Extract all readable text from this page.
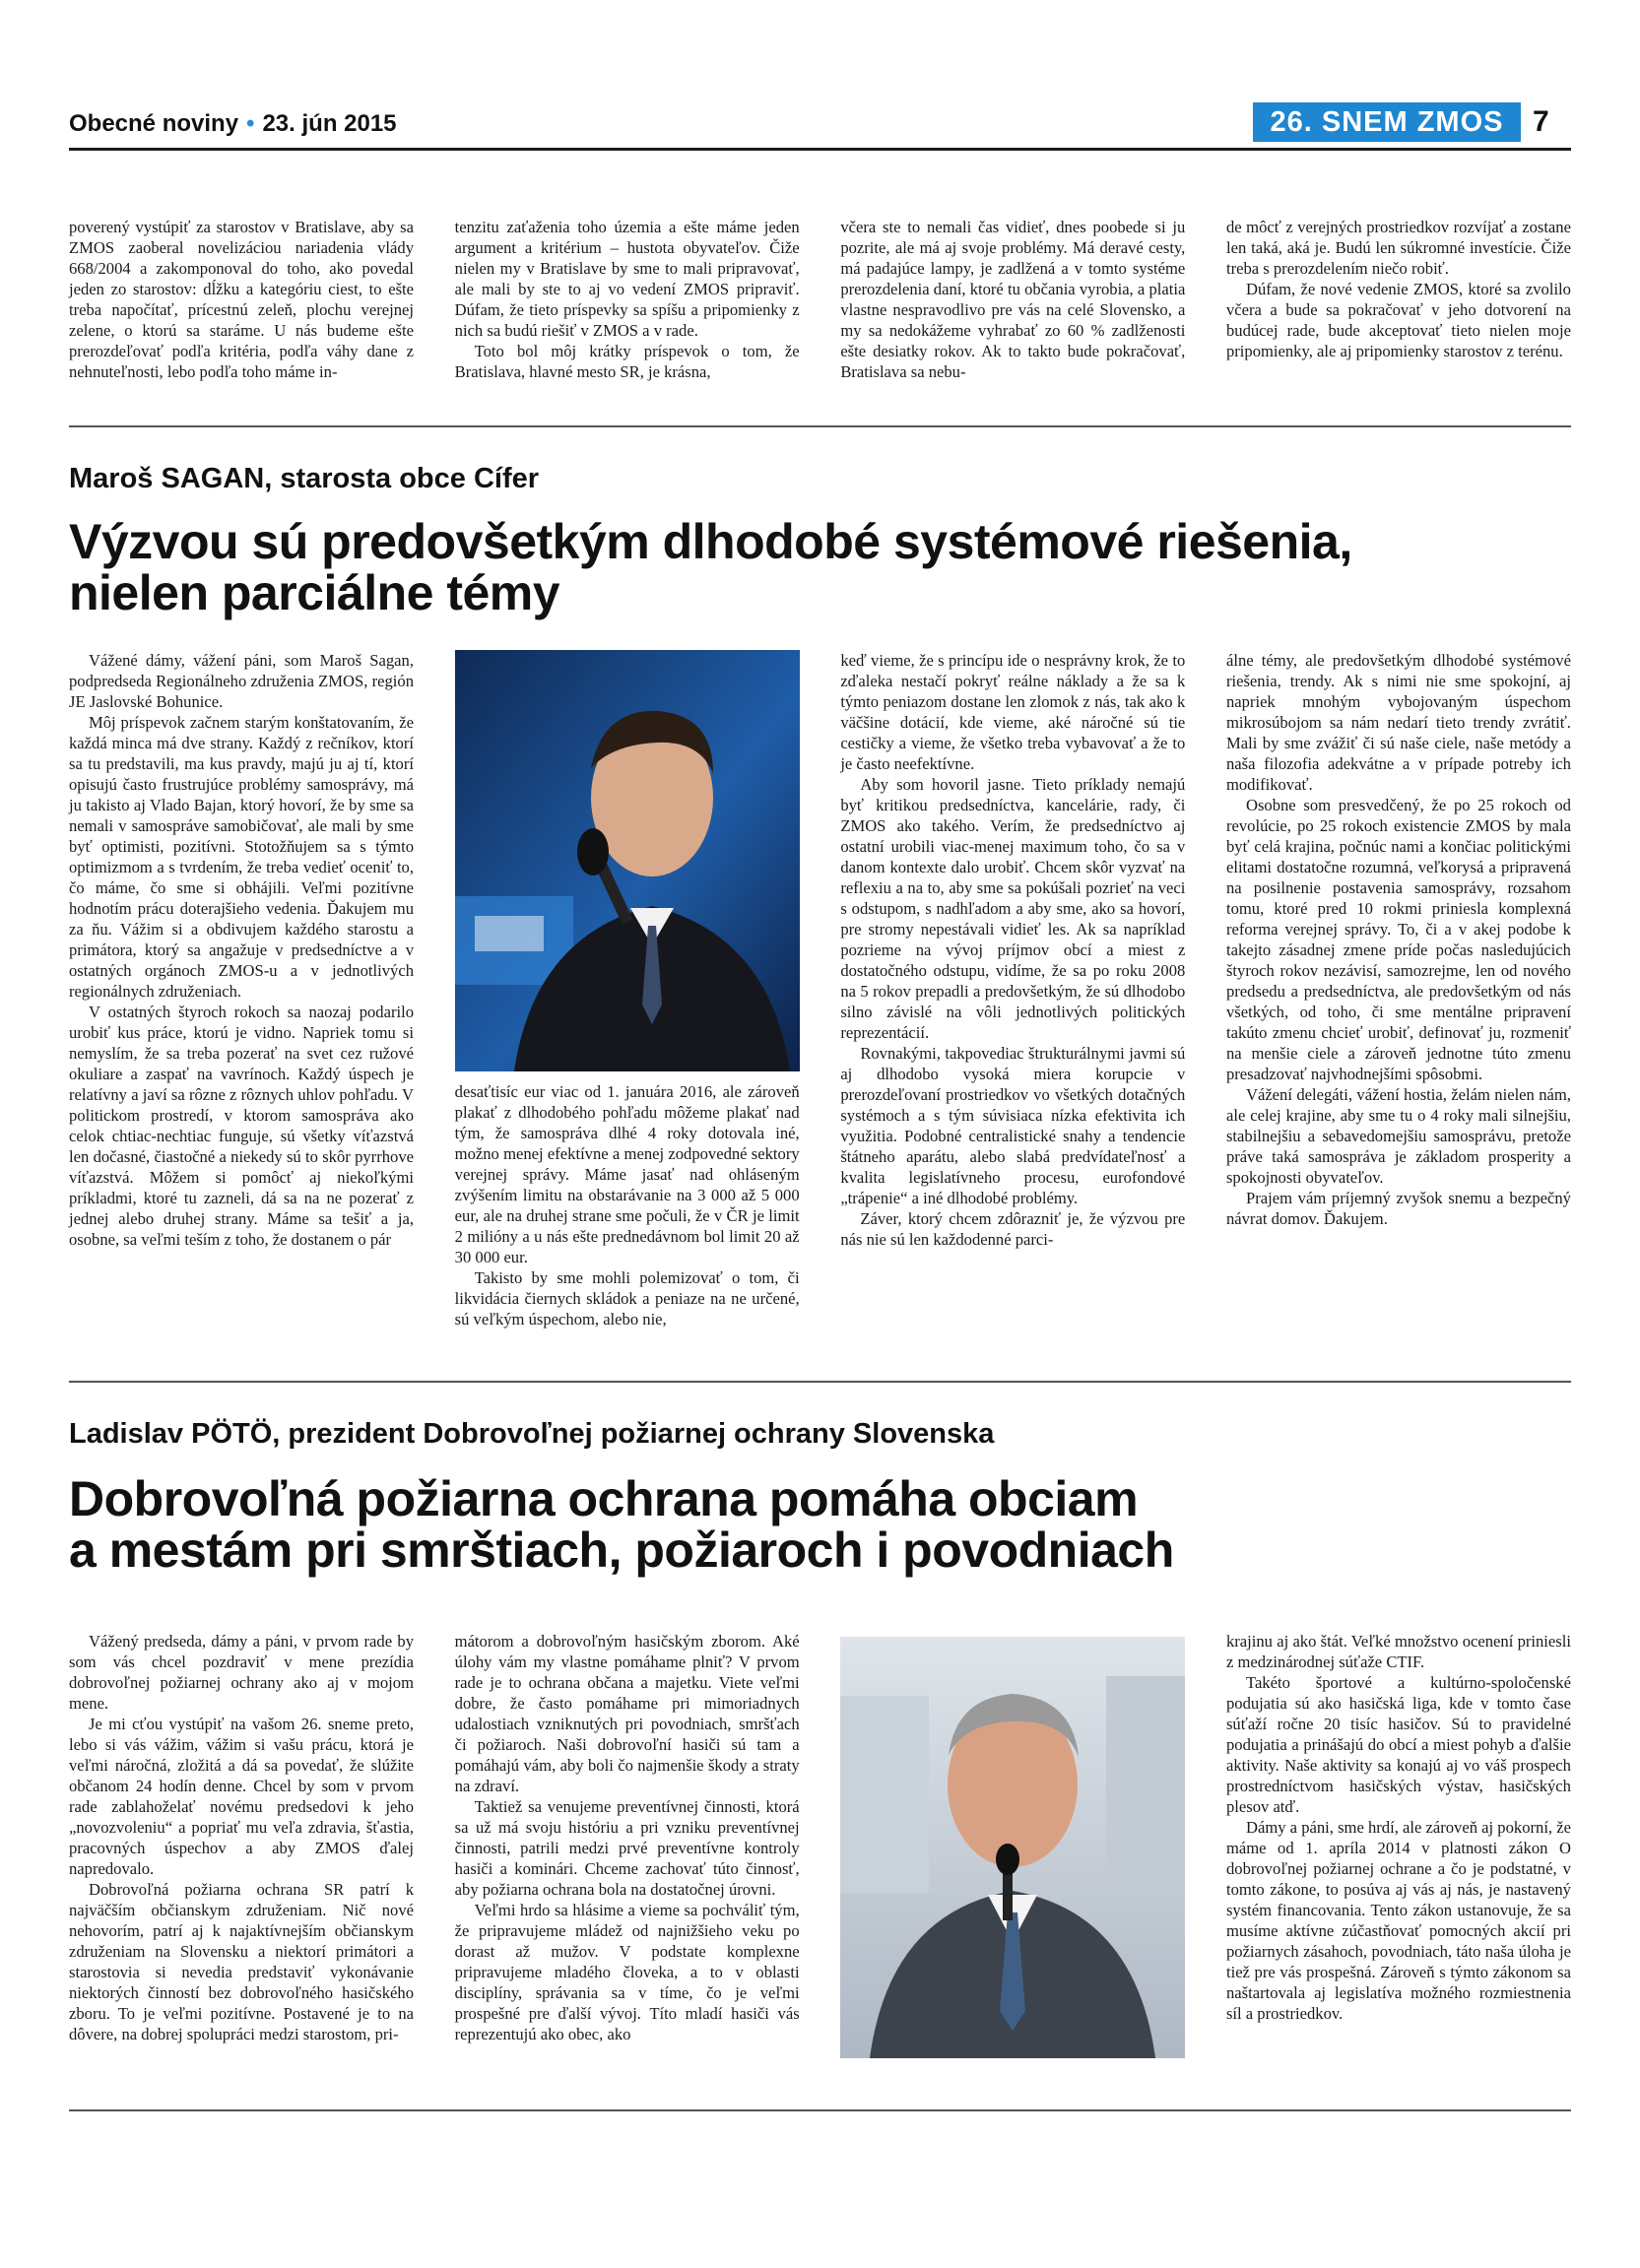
Obecné noviny • 23. jún 2015	26. SNEM ZMOS 7

poverený vystúpiť za starostov v Bratislave, aby sa ZMOS zaoberal novelizáciou nariadenia vlády 668/2004 a zakomponoval do toho, ako povedal jeden zo starostov: dĺžku a kategóriu ciest, to ešte treba napočítať, prícestnú zeleň, plochu verejnej zelene, o ktorú sa staráme. U nás budeme ešte prerozdeľovať podľa kritéria, podľa váhy dane z nehnuteľnosti, lebo podľa toho máme in-

tenzitu zaťaženia toho územia a ešte máme jeden argument a kritérium – hustota obyvateľov. Čiže nielen my v Bratislave by sme to mali pripravovať, ale mali by ste to aj vo vedení ZMOS pripraviť. Dúfam, že tieto príspevky sa spíšu a pripomienky z nich sa budú riešiť v ZMOS a v rade.

Toto bol môj krátky príspevok o tom, že Bratislava, hlavné mesto SR, je krásna,

včera ste to nemali čas vidieť, dnes poobede si ju pozrite, ale má aj svoje problémy. Má deravé cesty, má padajúce lampy, je zadlžená a v tomto systéme prerozdelenia daní, ktoré tu občania vyrobia, a platia vlastne nespravodlivo pre vás na celé Slovensko, a my sa nedokážeme vyhrabať zo 60 % zadlženosti ešte desiatky rokov. Ak to takto bude pokračovať, Bratislava sa nebu-

de môcť z verejných prostriedkov rozvíjať a zostane len taká, aká je. Budú len súkromné investície. Čiže treba s prerozdelením niečo robiť.

Dúfam, že nové vedenie ZMOS, ktoré sa zvolilo včera a bude sa pokračovať v jeho dotvorení na budúcej rade, bude akceptovať tieto nielen moje pripomienky, ale aj pripomienky starostov z terénu.

Maroš SAGAN, starosta obce Cífer
Výzvou sú predovšetkým dlhodobé systémové riešenia,
nielen parciálne témy

Vážené dámy, vážení páni, som Maroš Sagan, podpredseda Regionálneho združenia ZMOS, región JE Jaslovské Bohunice.

Môj príspevok začnem starým konštatovaním, že každá minca má dve strany. Každý z rečníkov, ktorí sa tu predstavili, ma kus pravdy, majú ju aj tí, ktorí opisujú často frustrujúce problémy samosprávy, má ju takisto aj Vlado Bajan, ktorý hovorí, že by sme sa nemali v samospráve samobičovať, ale mali by sme byť optimisti, pozitívni. Stotožňujem sa s týmto optimizmom a s tvrdením, že treba vedieť oceniť to, čo máme, čo sme si obhájili. Veľmi pozitívne hodnotím prácu doterajšieho vedenia. Ďakujem mu za ňu. Vážim si a obdivujem každého starostu a primátora, ktorý sa angažuje v predsedníctve a v ostatných orgánoch ZMOS-u a v jednotlivých regionálnych združeniach.

V ostatných štyroch rokoch sa naozaj podarilo urobiť kus práce, ktorú je vidno. Napriek tomu si nemyslím, že sa treba pozerať na svet cez ružové okuliare a zaspať na vavrínoch. Každý úspech je relatívny a javí sa rôzne z rôznych uhlov pohľadu. V politickom prostredí, v ktorom samospráva ako celok chtiac-nechtiac funguje, sú všetky víťazstvá len dočasné, čiastočné a niekedy sú to skôr pyrrhove víťazstvá. Môžem si pomôcť aj niekoľkými príkladmi, ktoré tu zazneli, dá sa na ne pozerať z jednej alebo druhej strany. Máme sa tešiť a ja, osobne, sa veľmi teším z toho, že dostanem o pár

desaťtisíc eur viac od 1. januára 2016, ale zároveň plakať z dlhodobého pohľadu môžeme plakať nad tým, že samospráva dlhé 4 roky dotovala iné, možno menej efektívne a menej zodpovedné sektory verejnej správy. Máme jasať nad ohláseným zvýšením limitu na obstarávanie na 3 000 až 5 000 eur, ale na druhej strane sme počuli, že v ČR je limit 2 milióny a u nás ešte prednedávnom bol limit 20 až 30 000 eur.

Takisto by sme mohli polemizovať o tom, či likvidácia čiernych skládok a peniaze na ne určené, sú veľkým úspechom, alebo nie,

keď vieme, že s princípu ide o nesprávny krok, že to zďaleka nestačí pokryť reálne náklady a že sa k týmto peniazom dostane len zlomok z nás, tak ako k väčšine dotácií, kde vieme, aké náročné sú tie cestičky a vieme, že všetko treba vybavovať a že to je často neefektívne.

Aby som hovoril jasne. Tieto príklady nemajú byť kritikou predsedníctva, kancelárie, rady, či ZMOS ako takého. Verím, že predsedníctvo aj ostatní urobili viac-menej maximum toho, čo sa v danom kontexte dalo urobiť. Chcem skôr vyzvať na reflexiu a na to, aby sme sa pokúšali pozrieť na veci s odstupom, s nadhľadom a aby sme, ako sa hovorí, pre stromy nepestávali vidieť les. Ak sa napríklad pozrieme na vývoj príjmov obcí a miest z dostatočného odstupu, vidíme, že sa po roku 2008 na 5 rokov prepadli a predovšetkým, že sú dlhodobo silno závislé na vôli jednotlivých politických reprezentácií.

Rovnakými, takpovediac štrukturálnymi javmi sú aj dlhodobo vysoká miera korupcie v prerozdeľovaní prostriedkov vo všetkých dotačných systémoch a s tým súvisiaca nízka efektivita ich využitia. Podobné centralistické snahy a tendencie štátneho aparátu, alebo slabá predvídateľnosť a kvalita legislatívneho procesu, eurofondové „trápenie“ a iné dlhodobé problémy.

Záver, ktorý chcem zdôrazniť je, že výzvou pre nás nie sú len každodenné parci-

álne témy, ale predovšetkým dlhodobé systémové riešenia, trendy. Ak s nimi nie sme spokojní, aj napriek mnohým vybojovaným úspechom mikrosúbojom sa nám nedarí tieto trendy zvrátiť. Mali by sme zvážiť či sú naše ciele, naše metódy a naša filozofia adekvátne a v prípade potreby ich modifikovať.

Osobne som presvedčený, že po 25 rokoch od revolúcie, po 25 rokoch existencie ZMOS by mala byť celá krajina, počnúc nami a končiac politickými elitami dostatočne rozumná, veľkorysá a pripravená na posilnenie postavenia samosprávy, rozsahom tomu, ktoré pred 10 rokmi priniesla komplexná reforma verejnej správy. To, či a v akej podobe k takejto zásadnej zmene príde počas nasledujúcich štyroch rokov nezávisí, samozrejme, len od nového predsedu a predsedníctva, ale predovšetkým od nás všetkých, od toho, či sme mentálne pripravení takúto zmenu chcieť urobiť, definovať ju, rozmeniť na menšie ciele a zároveň jednotne túto zmenu presadzovať najvhodnejšími spôsobmi.

Vážení delegáti, vážení hostia, želám nielen nám, ale celej krajine, aby sme tu o 4 roky mali silnejšiu, stabilnejšiu a sebavedomejšiu samosprávu, pretože práve taká samospráva je základom prosperity a spokojnosti obyvateľov.

Prajem vám príjemný zvyšok snemu a bezpečný návrat domov. Ďakujem.

Ladislav PÖTÖ, prezident Dobrovoľnej požiarnej ochrany Slovenska
Dobrovoľná požiarna ochrana pomáha obciam
a mestám pri smrštiach, požiaroch i povodniach

Vážený predseda, dámy a páni, v prvom rade by som vás chcel pozdraviť v mene prezídia dobrovoľnej požiarnej ochrany ako aj v mojom mene.

Je mi cťou vystúpiť na vašom 26. sneme preto, lebo si vás vážim, vážim si vašu prácu, ktorá je veľmi náročná, zložitá a dá sa povedať, že slúžite občanom 24 hodín denne. Chcel by som v prvom rade zablahoželať novému predsedovi k jeho „novozvoleniu“ a popriať mu veľa zdravia, šťastia, pracovných úspechov a aby ZMOS ďalej napredovalo.

Dobrovoľná požiarna ochrana SR patrí k najväčším občianskym združeniam. Nič nové nehovorím, patrí aj k najaktívnejším občianskym združeniam na Slovensku a niektorí primátori a starostovia si nevedia predstaviť vykonávanie niektorých činností bez dobrovoľného hasičského zboru. To je veľmi pozitívne. Postavené je to na dôvere, na dobrej spolupráci medzi starostom, pri-

mátorom a dobrovoľným hasičským zborom. Aké úlohy vám my vlastne pomáhame plniť? V prvom rade je to ochrana občana a majetku. Viete veľmi dobre, že často pomáhame pri mimoriadnych udalostiach vzniknutých pri povodniach, smršťach či požiaroch. Naši dobrovoľní hasiči sú tam a pomáhajú vám, aby boli čo najmenšie škody a straty na zdraví.

Taktiež sa venujeme preventívnej činnosti, ktorá sa už má svoju históriu a pri vzniku preventívnej činnosti, patrili medzi prvé preventívne kontroly hasiči a kominári. Chceme zachovať túto činnosť, aby požiarna ochrana bola na dostatočnej úrovni.

Veľmi hrdo sa hlásime a vieme sa pochváliť tým, že pripravujeme mládež od najnižšieho veku po dorast až mužov. V podstate komplexne pripravujeme mladého človeka, a to v oblasti disciplíny, správania sa v tíme, čo je veľmi prospešné pre ďalší vývoj. Títo mladí hasiči vás reprezentujú ako obec, ako

krajinu aj ako štát. Veľké množstvo ocenení priniesli z medzinárodnej súťaže CTIF.

Takéto športové a kultúrno-spoločenské podujatia sú ako hasičská liga, kde v tomto čase súťaží ročne 20 tisíc hasičov. Sú to pravidelné podujatia a prinášajú do obcí a miest pohyb a ďalšie aktivity. Naše aktivity sa konajú aj vo váš prospech prostredníctvom hasičských výstav, hasičských plesov atď.

Dámy a páni, sme hrdí, ale zároveň aj pokorní, že máme od 1. apríla 2014 v platnosti zákon O dobrovoľnej požiarnej ochrane a čo je podstatné, v tomto zákone, to posúva aj vás aj nás, je nastavený systém financovania. Tento zákon ustanovuje, že sa musíme aktívne zúčastňovať pomocných akcií pri požiarnych zásahoch, povodniach, táto naša úloha je tiež pre vás prospešná. Zároveň s týmto zákonom sa naštartovala aj legislatíva možného rozmiestnenia síl a prostriedkov.
